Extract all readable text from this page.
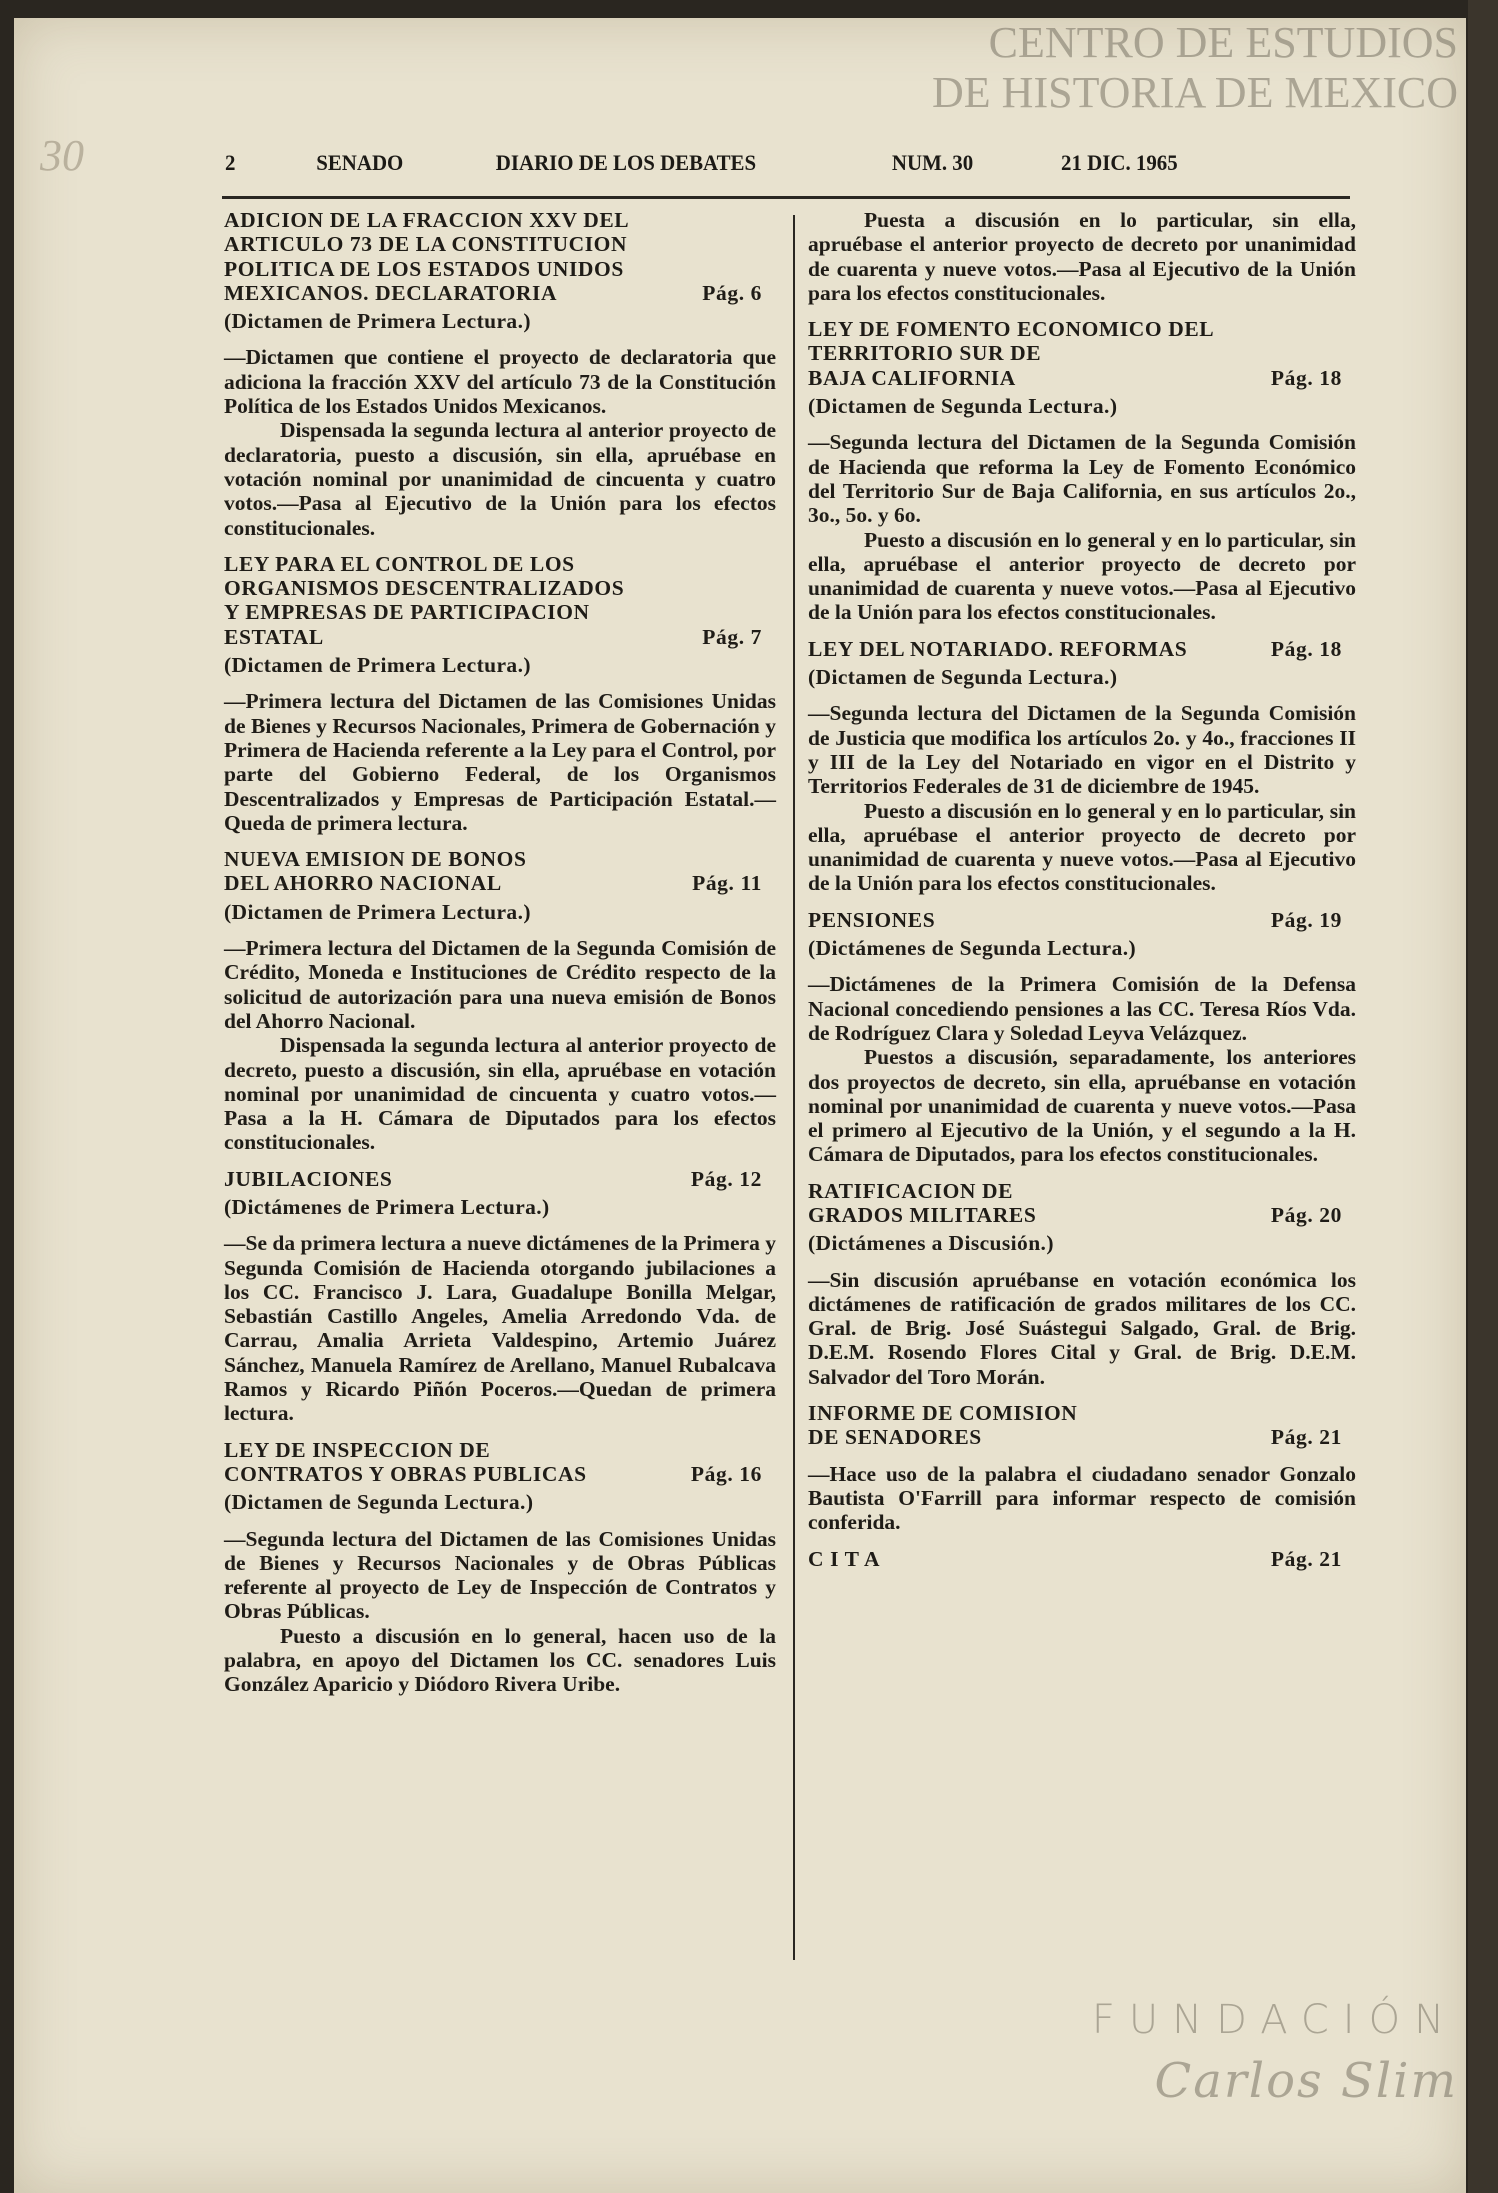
30
CENTRO DE ESTUDIOS
DE HISTORIA DE MEXICO
FUNDACIÓN
Carlos Slim
2	SENADO	DIARIO DE LOS DEBATES	NUM. 30	21 DIC. 1965
ADICION DE LA FRACCION XXV DEL
ARTICULO 73 DE LA CONSTITUCION
POLITICA DE LOS ESTADOS UNIDOS
MEXICANOS. DECLARATORIA	Pág. 6
(Dictamen de Primera Lectura.)

—Dictamen que contiene el proyecto de declaratoria que adiciona la fracción XXV del artículo 73 de la Constitución Política de los Estados Unidos Mexicanos.

Dispensada la segunda lectura al anterior proyecto de declaratoria, puesto a discusión, sin ella, apruébase en votación nominal por unanimidad de cincuenta y cuatro votos.—Pasa al Ejecutivo de la Unión para los efectos constitucionales.

LEY PARA EL CONTROL DE LOS
ORGANISMOS DESCENTRALIZADOS
Y EMPRESAS DE PARTICIPACION
ESTATAL	Pág. 7
(Dictamen de Primera Lectura.)

—Primera lectura del Dictamen de las Comisiones Unidas de Bienes y Recursos Nacionales, Primera de Gobernación y Primera de Hacienda referente a la Ley para el Control, por parte del Gobierno Federal, de los Organismos Descentralizados y Empresas de Participación Estatal.—Queda de primera lectura.

NUEVA EMISION DE BONOS
DEL AHORRO NACIONAL	Pág. 11
(Dictamen de Primera Lectura.)

—Primera lectura del Dictamen de la Segunda Comisión de Crédito, Moneda e Instituciones de Crédito respecto de la solicitud de autorización para una nueva emisión de Bonos del Ahorro Nacional.

Dispensada la segunda lectura al anterior proyecto de decreto, puesto a discusión, sin ella, apruébase en votación nominal por unanimidad de cincuenta y cuatro votos.—Pasa a la H. Cámara de Diputados para los efectos constitucionales.

JUBILACIONES	Pág. 12
(Dictámenes de Primera Lectura.)

—Se da primera lectura a nueve dictámenes de la Primera y Segunda Comisión de Hacienda otorgando jubilaciones a los CC. Francisco J. Lara, Guadalupe Bonilla Melgar, Sebastián Castillo Angeles, Amelia Arredondo Vda. de Carrau, Amalia Arrieta Valdespino, Artemio Juárez Sánchez, Manuela Ramírez de Arellano, Manuel Rubalcava Ramos y Ricardo Piñón Poceros.—Quedan de primera lectura.

LEY DE INSPECCION DE
CONTRATOS Y OBRAS PUBLICAS	Pág. 16
(Dictamen de Segunda Lectura.)

—Segunda lectura del Dictamen de las Comisiones Unidas de Bienes y Recursos Nacionales y de Obras Públicas referente al proyecto de Ley de Inspección de Contratos y Obras Públicas.

Puesto a discusión en lo general, hacen uso de la palabra, en apoyo del Dictamen los CC. senadores Luis González Aparicio y Diódoro Rivera Uribe.

Puesta a discusión en lo particular, sin ella, apruébase el anterior proyecto de decreto por unanimidad de cuarenta y nueve votos.—Pasa al Ejecutivo de la Unión para los efectos constitucionales.

LEY DE FOMENTO ECONOMICO DEL
TERRITORIO SUR DE
BAJA CALIFORNIA	Pág. 18
(Dictamen de Segunda Lectura.)

—Segunda lectura del Dictamen de la Segunda Comisión de Hacienda que reforma la Ley de Fomento Económico del Territorio Sur de Baja California, en sus artículos 2o., 3o., 5o. y 6o.

Puesto a discusión en lo general y en lo particular, sin ella, apruébase el anterior proyecto de decreto por unanimidad de cuarenta y nueve votos.—Pasa al Ejecutivo de la Unión para los efectos constitucionales.

LEY DEL NOTARIADO. REFORMAS	Pág. 18
(Dictamen de Segunda Lectura.)

—Segunda lectura del Dictamen de la Segunda Comisión de Justicia que modifica los artículos 2o. y 4o., fracciones II y III de la Ley del Notariado en vigor en el Distrito y Territorios Federales de 31 de diciembre de 1945.

Puesto a discusión en lo general y en lo particular, sin ella, apruébase el anterior proyecto de decreto por unanimidad de cuarenta y nueve votos.—Pasa al Ejecutivo de la Unión para los efectos constitucionales.

PENSIONES	Pág. 19
(Dictámenes de Segunda Lectura.)

—Dictámenes de la Primera Comisión de la Defensa Nacional concediendo pensiones a las CC. Teresa Ríos Vda. de Rodríguez Clara y Soledad Leyva Velázquez.

Puestos a discusión, separadamente, los anteriores dos proyectos de decreto, sin ella, apruébanse en votación nominal por unanimidad de cuarenta y nueve votos.—Pasa el primero al Ejecutivo de la Unión, y el segundo a la H. Cámara de Diputados, para los efectos constitucionales.

RATIFICACION DE
GRADOS MILITARES	Pág. 20
(Dictámenes a Discusión.)

—Sin discusión apruébanse en votación económica los dictámenes de ratificación de grados militares de los CC. Gral. de Brig. José Suástegui Salgado, Gral. de Brig. D.E.M. Rosendo Flores Cital y Gral. de Brig. D.E.M. Salvador del Toro Morán.

INFORME DE COMISION
DE SENADORES	Pág. 21

—Hace uso de la palabra el ciudadano senador Gonzalo Bautista O'Farrill para informar respecto de comisión conferida.

C I T A	Pág. 21
